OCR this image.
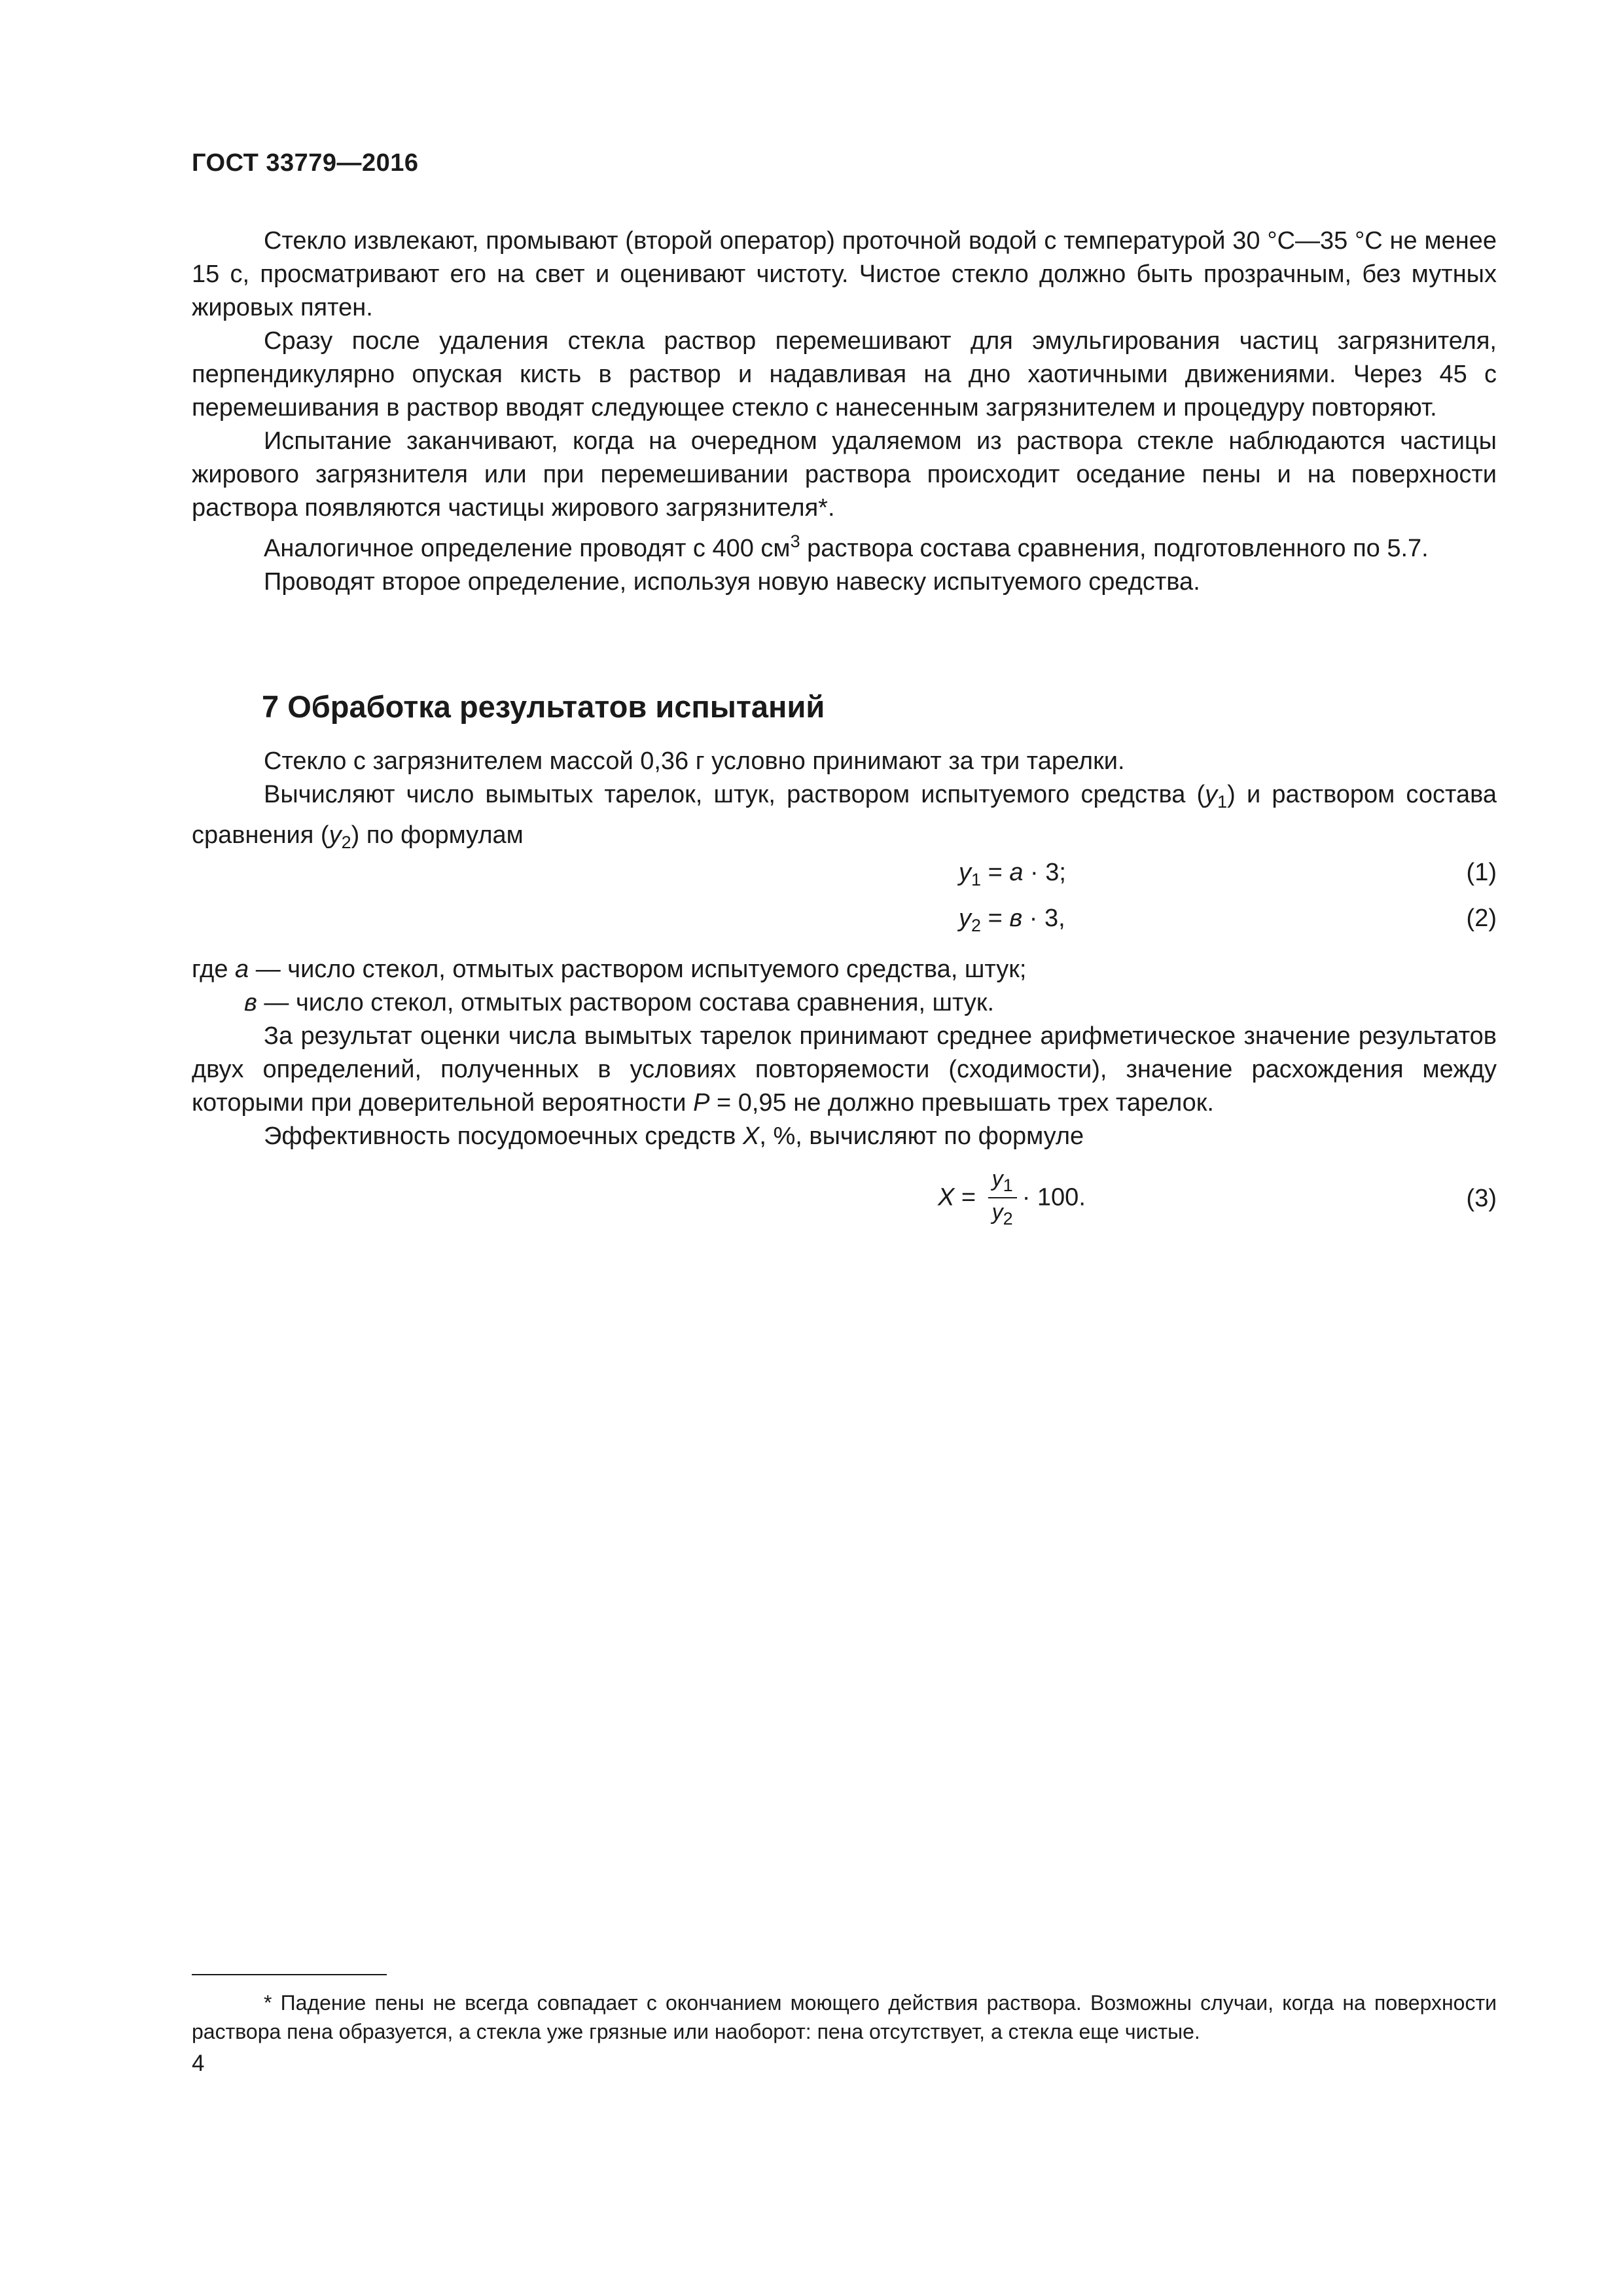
ГОСТ 33779—2016

Стекло извлекают, промывают (второй оператор) проточной водой с температурой 30 °С—35 °С не менее 15 с, просматривают его на свет и оценивают чистоту. Чистое стекло должно быть прозрачным, без мутных жировых пятен.

Сразу после удаления стекла раствор перемешивают для эмульгирования частиц загрязнителя, перпендикулярно опуская кисть в раствор и надавливая на дно хаотичными движениями. Через 45 с перемешивания в раствор вводят следующее стекло с нанесенным загрязнителем и процедуру повторяют.

Испытание заканчивают, когда на очередном удаляемом из раствора стекле наблюдаются частицы жирового загрязнителя или при перемешивании раствора происходит оседание пены и на поверхности раствора появляются частицы жирового загрязнителя*.

Аналогичное определение проводят с 400 $см^3$ раствора состава сравнения, подготовленного по 5.7.

Проводят второе определение, используя новую навеску испытуемого средства.

7 Обработка результатов испытаний

Стекло с загрязнителем массой 0,36 г условно принимают за три тарелки.

Вычисляют число вымытых тарелок, штук, раствором испытуемого средства $(y_1)$ и раствором состава сравнения $(y_2)$ по формулам

$y_1 = a \cdot 3$;	(1)
$y_2 = в \cdot 3$,	(2)
где а — число стекол, отмытых раствором испытуемого средства, штук;
в — число стекол, отмытых раствором состава сравнения, штук.

За результат оценки числа вымытых тарелок принимают среднее арифметическое значение результатов двух определений, полученных в условиях повторяемости (сходимости), значение расхождения между которыми при доверительной вероятности P = 0,95 не должно превышать трех тарелок.

Эффективность посудомоечных средств X, %, вычисляют по формуле

$X = \frac{y_1}{y_2} \cdot 100$.	(3)

* Падение пены не всегда совпадает с окончанием моющего действия раствора. Возможны случаи, когда на поверхности раствора пена образуется, а стекла уже грязные или наоборот: пена отсутствует, а стекла еще чистые.

4
